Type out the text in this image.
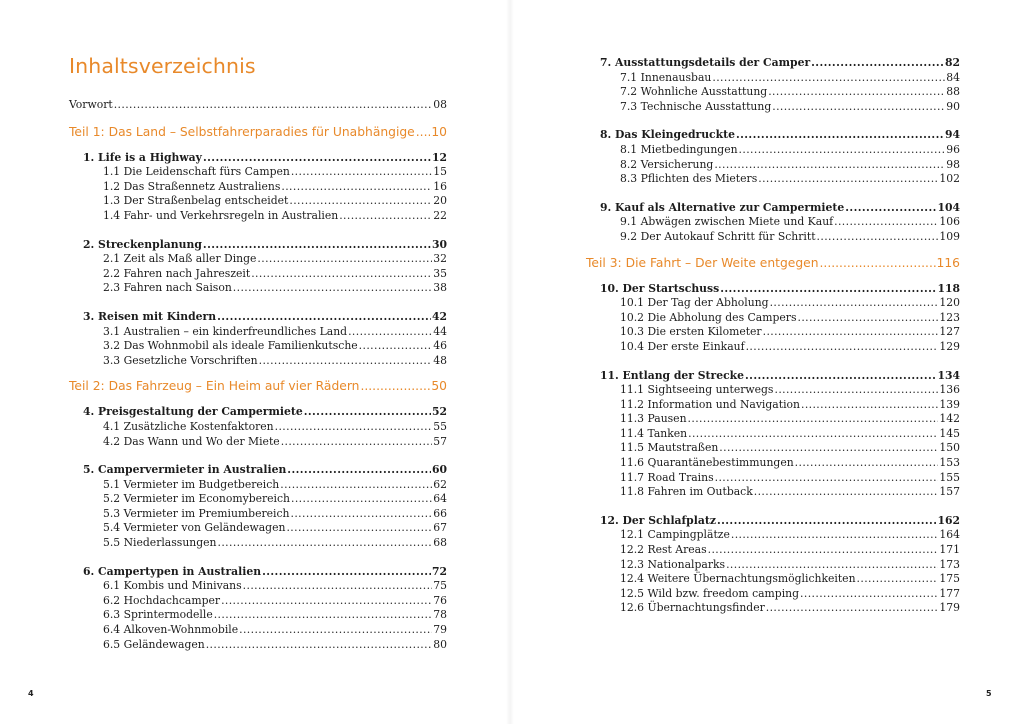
Inhaltsverzeichnis
Vorwort .....	08
Teil 1: Das Land – Selbstfahrerparadies für Unabhängige ..... 10
1. Life is a Highway .....	12
1.1 Die Leidenschaft fürs Campen .....	15
1.2 Das Straßennetz Australiens .....	16
1.3 Der Straßenbelag entscheidet .....	20
1.4 Fahr- und Verkehrsregeln in Australien .....	22
2. Streckenplanung .....	30
2.1 Zeit als Maß aller Dinge .....	32
2.2 Fahren nach Jahreszeit .....	35
2.3 Fahren nach Saison .....	38
3. Reisen mit Kindern .....	42
3.1 Australien – ein kinderfreundliches Land .....	44
3.2 Das Wohnmobil als ideale Familienkutsche .....	46
3.3 Gesetzliche Vorschriften .....	48
Teil 2: Das Fahrzeug – Ein Heim auf vier Rädern .....	50
4. Preisgestaltung der Campermiete .....	52
4.1 Zusätzliche Kostenfaktoren .....	55
4.2 Das Wann und Wo der Miete .....	57
5. Campervermieter in Australien .....	60
5.1 Vermieter im Budgetbereich .....	62
5.2 Vermieter im Economybereich .....	64
5.3 Vermieter im Premiumbereich .....	66
5.4 Vermieter von Geländewagen .....	67
5.5 Niederlassungen .....	68
6. Campertypen in Australien .....	72
6.1 Kombis und Minivans .....	75
6.2 Hochdachcamper .....	76
6.3 Sprintermodelle .....	78
6.4 Alkoven-Wohnmobile .....	79
6.5 Geländewagen .....	80
4
7. Ausstattungsdetails der Camper .....	82
7.1 Innenausbau .....	84
7.2 Wohnliche Ausstattung .....	88
7.3 Technische Ausstattung .....	90
8. Das Kleingedruckte .....	94
8.1 Mietbedingungen .....	96
8.2 Versicherung .....	98
8.3 Pflichten des Mieters .....	102
9. Kauf als Alternative zur Campermiete .....	104
9.1 Abwägen zwischen Miete und Kauf .....	106
9.2 Der Autokauf Schritt für Schritt .....	109
Teil 3: Die Fahrt – Der Weite entgegen .....	116
10. Der Startschuss .....	118
10.1 Der Tag der Abholung .....	120
10.2 Die Abholung des Campers .....	123
10.3 Die ersten Kilometer .....	127
10.4 Der erste Einkauf .....	129
11. Entlang der Strecke .....	134
11.1 Sightseeing unterwegs .....	136
11.2 Information und Navigation .....	139
11.3 Pausen .....	142
11.4 Tanken .....	145
11.5 Mautstraßen .....	150
11.6 Quarantänebestimmungen .....	153
11.7 Road Trains .....	155
11.8 Fahren im Outback .....	157
12. Der Schlafplatz .....	162
12.1 Campingplätze .....	164
12.2 Rest Areas .....	171
12.3 Nationalparks .....	173
12.4 Weitere Übernachtungsmöglichkeiten .....	175
12.5 Wild bzw. freedom camping .....	177
12.6 Übernachtungsfinder .....	179
5
